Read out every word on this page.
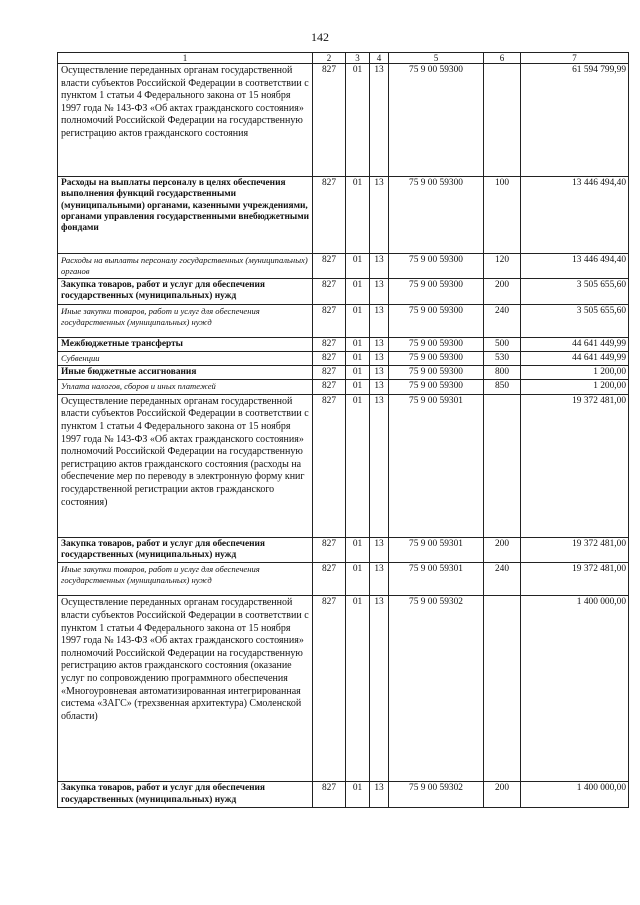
142
1	2	3	4	5	6	7
Осуществление переданных органам государственной власти субъектов Российской Федерации в соответствии с пунктом 1 статьи 4 Федерального закона от 15 ноября 1997 года № 143-ФЗ «Об актах гражданского состояния» полномочий Российской Федерации на государственную регистрацию актов гражданского состояния	827	01	13	75 9 00 59300		61 594 799,99
Расходы на выплаты персоналу в целях обеспечения выполнения функций государственными (муниципальными) органами, казенными учреждениями, органами управления государственными внебюджетными фондами	827	01	13	75 9 00 59300	100	13 446 494,40
Расходы на выплаты персоналу государственных (муниципальных) органов	827	01	13	75 9 00 59300	120	13 446 494,40
Закупка товаров, работ и услуг для обеспечения государственных (муниципальных) нужд	827	01	13	75 9 00 59300	200	3 505 655,60
Иные закупки товаров, работ и услуг для обеспечения государственных (муниципальных) нужд	827	01	13	75 9 00 59300	240	3 505 655,60
Межбюджетные трансферты	827	01	13	75 9 00 59300	500	44 641 449,99
Субвенции	827	01	13	75 9 00 59300	530	44 641 449,99
Иные бюджетные ассигнования	827	01	13	75 9 00 59300	800	1 200,00
Уплата налогов, сборов и иных платежей	827	01	13	75 9 00 59300	850	1 200,00
Осуществление переданных органам государственной власти субъектов Российской Федерации в соответствии с пунктом 1 статьи 4 Федерального закона от 15 ноября 1997 года № 143-ФЗ «Об актах гражданского состояния» полномочий Российской Федерации на государственную регистрацию актов гражданского состояния (расходы на обеспечение мер по переводу в электронную форму книг государственной регистрации актов гражданского состояния)	827	01	13	75 9 00 59301		19 372 481,00
Закупка товаров, работ и услуг для обеспечения государственных (муниципальных) нужд	827	01	13	75 9 00 59301	200	19 372 481,00
Иные закупки товаров, работ и услуг для обеспечения государственных (муниципальных) нужд	827	01	13	75 9 00 59301	240	19 372 481,00
Осуществление переданных органам государственной власти субъектов Российской Федерации в соответствии с пунктом 1 статьи 4 Федерального закона от 15 ноября 1997 года № 143-ФЗ «Об актах гражданского состояния» полномочий Российской Федерации на государственную регистрацию актов гражданского состояния (оказание услуг по сопровождению программного обеспечения «Многоуровневая автоматизированная интегрированная система «ЗАГС» (трехзвенная архитектура) Смоленской области)	827	01	13	75 9 00 59302		1 400 000,00
Закупка товаров, работ и услуг для обеспечения государственных (муниципальных) нужд	827	01	13	75 9 00 59302	200	1 400 000,00
